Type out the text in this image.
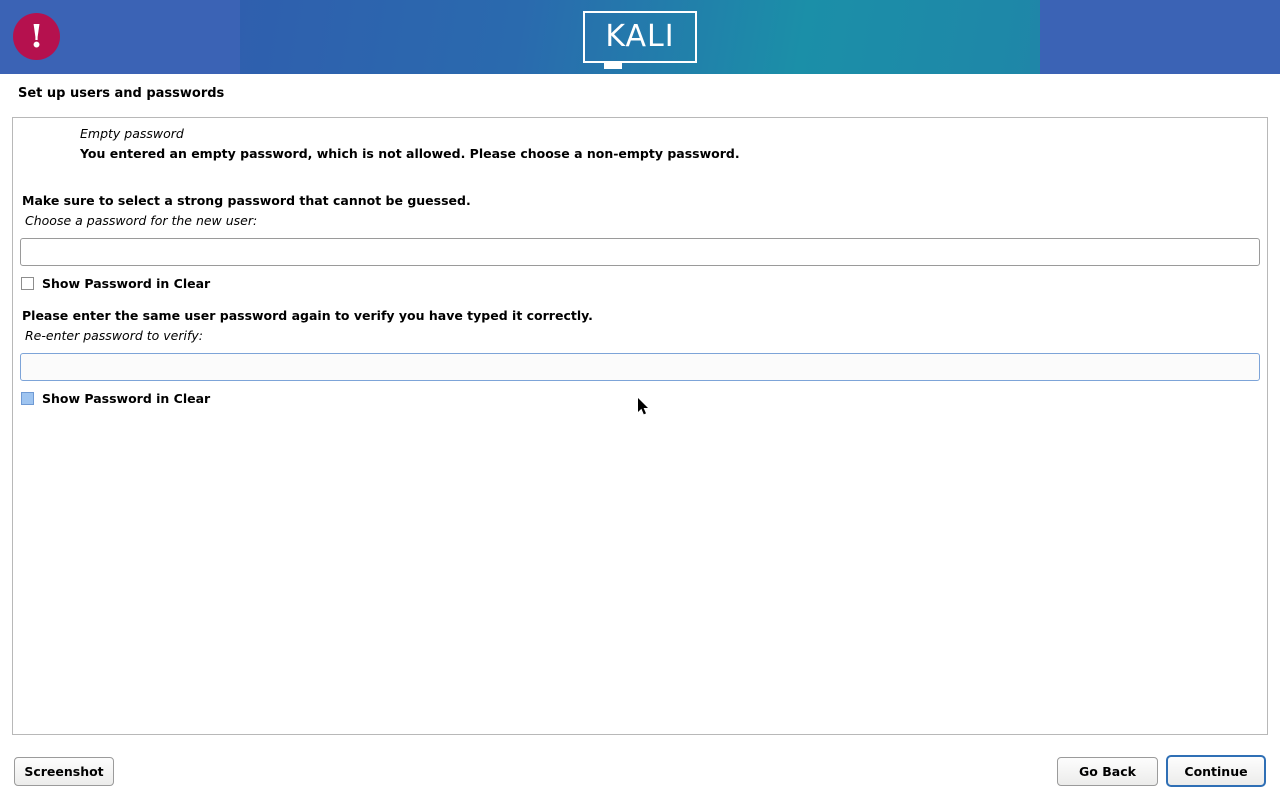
KALI
Set up users and passwords
!
Empty password
You entered an empty password, which is not allowed. Please choose a non-empty password.
Make sure to select a strong password that cannot be guessed.
Choose a password for the new user:
Show Password in Clear
Please enter the same user password again to verify you have typed it correctly.
Re-enter password to verify:
Show Password in Clear
Screenshot	Go Back	Continue
